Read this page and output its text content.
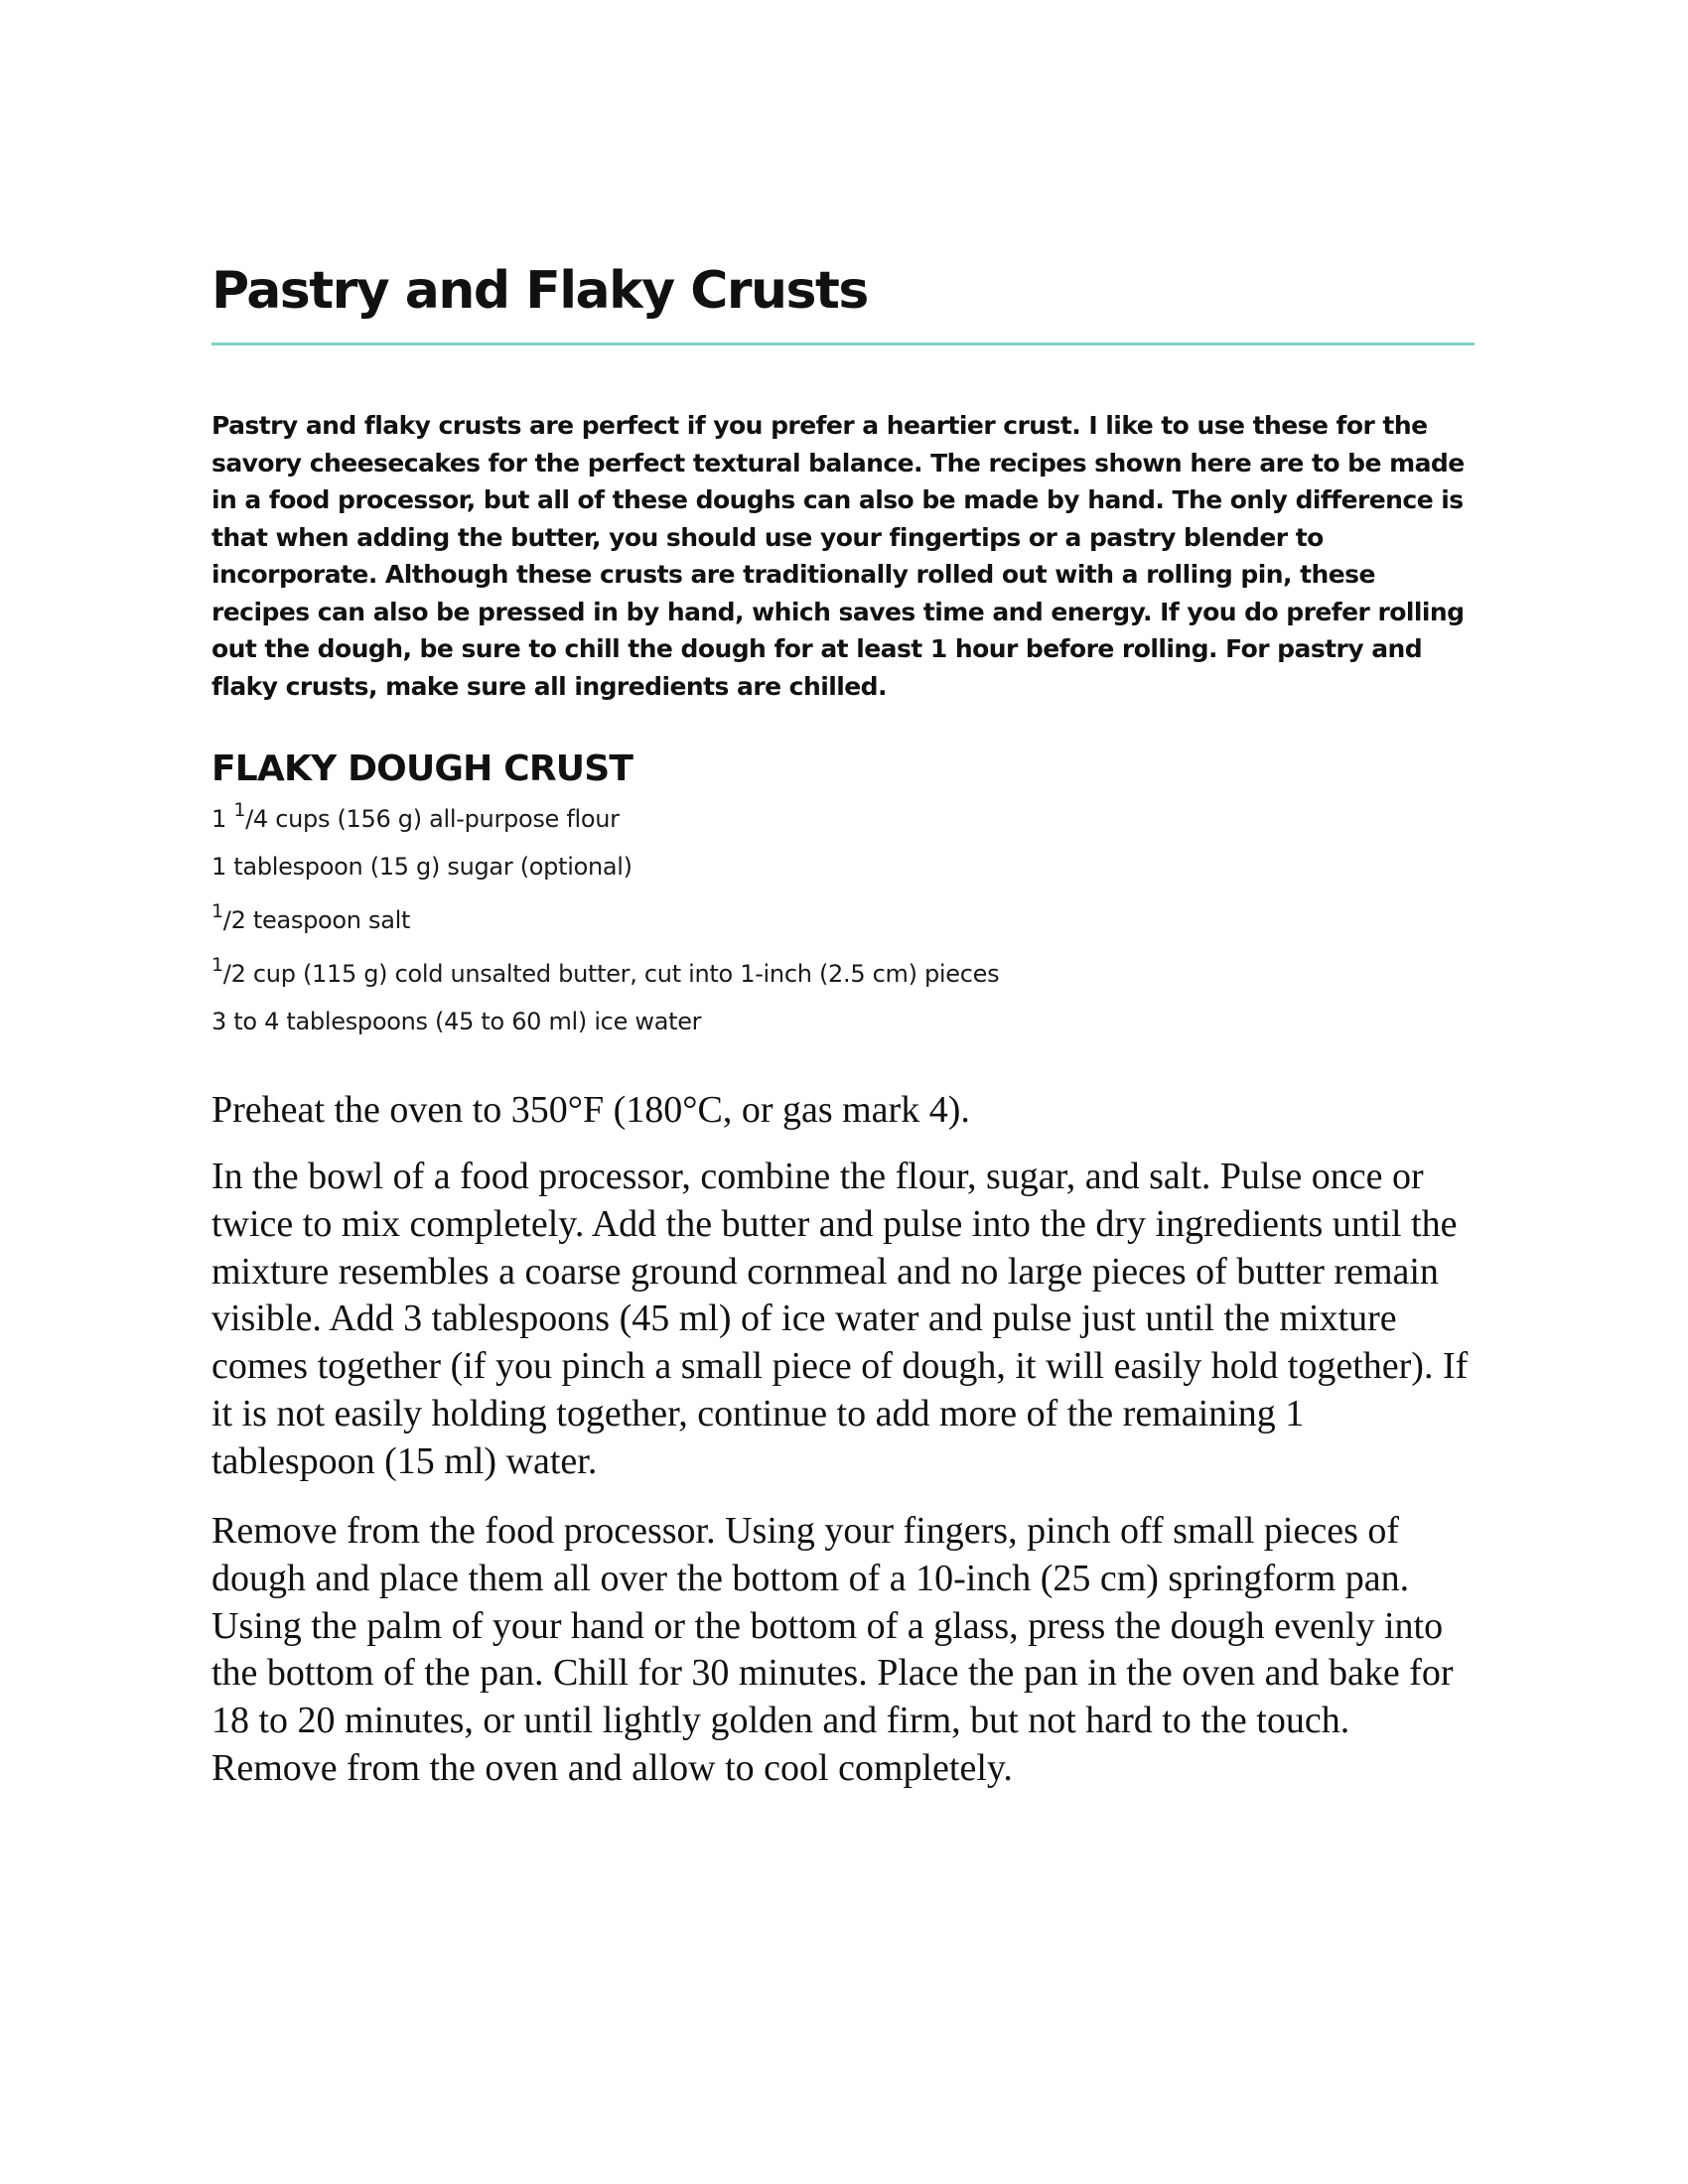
Pastry and Flaky Crusts

Pastry and flaky crusts are perfect if you prefer a heartier crust. I like to use these for the savory cheesecakes for the perfect textural balance. The recipes shown here are to be made in a food processor, but all of these doughs can also be made by hand. The only difference is that when adding the butter, you should use your fingertips or a pastry blender to incorporate. Although these crusts are traditionally rolled out with a rolling pin, these recipes can also be pressed in by hand, which saves time and energy. If you do prefer rolling out the dough, be sure to chill the dough for at least 1 hour before rolling. For pastry and flaky crusts, make sure all ingredients are chilled.

FLAKY DOUGH CRUST
1 $^1$/4 cups (156 g) all-purpose flour
1 tablespoon (15 g) sugar (optional)
$^1$/2 teaspoon salt
$^1$/2 cup (115 g) cold unsalted butter, cut into 1-inch (2.5 cm) pieces
3 to 4 tablespoons (45 to 60 ml) ice water

Preheat the oven to 350°F (180°C, or gas mark 4).

In the bowl of a food processor, combine the flour, sugar, and salt. Pulse once or twice to mix completely. Add the butter and pulse into the dry ingredients until the mixture resembles a coarse ground cornmeal and no large pieces of butter remain visible. Add 3 tablespoons (45 ml) of ice water and pulse just until the mixture comes together (if you pinch a small piece of dough, it will easily hold together). If it is not easily holding together, continue to add more of the remaining 1 tablespoon (15 ml) water.

Remove from the food processor. Using your fingers, pinch off small pieces of dough and place them all over the bottom of a 10-inch (25 cm) springform pan. Using the palm of your hand or the bottom of a glass, press the dough evenly into the bottom of the pan. Chill for 30 minutes. Place the pan in the oven and bake for 18 to 20 minutes, or until lightly golden and firm, but not hard to the touch. Remove from the oven and allow to cool completely.
